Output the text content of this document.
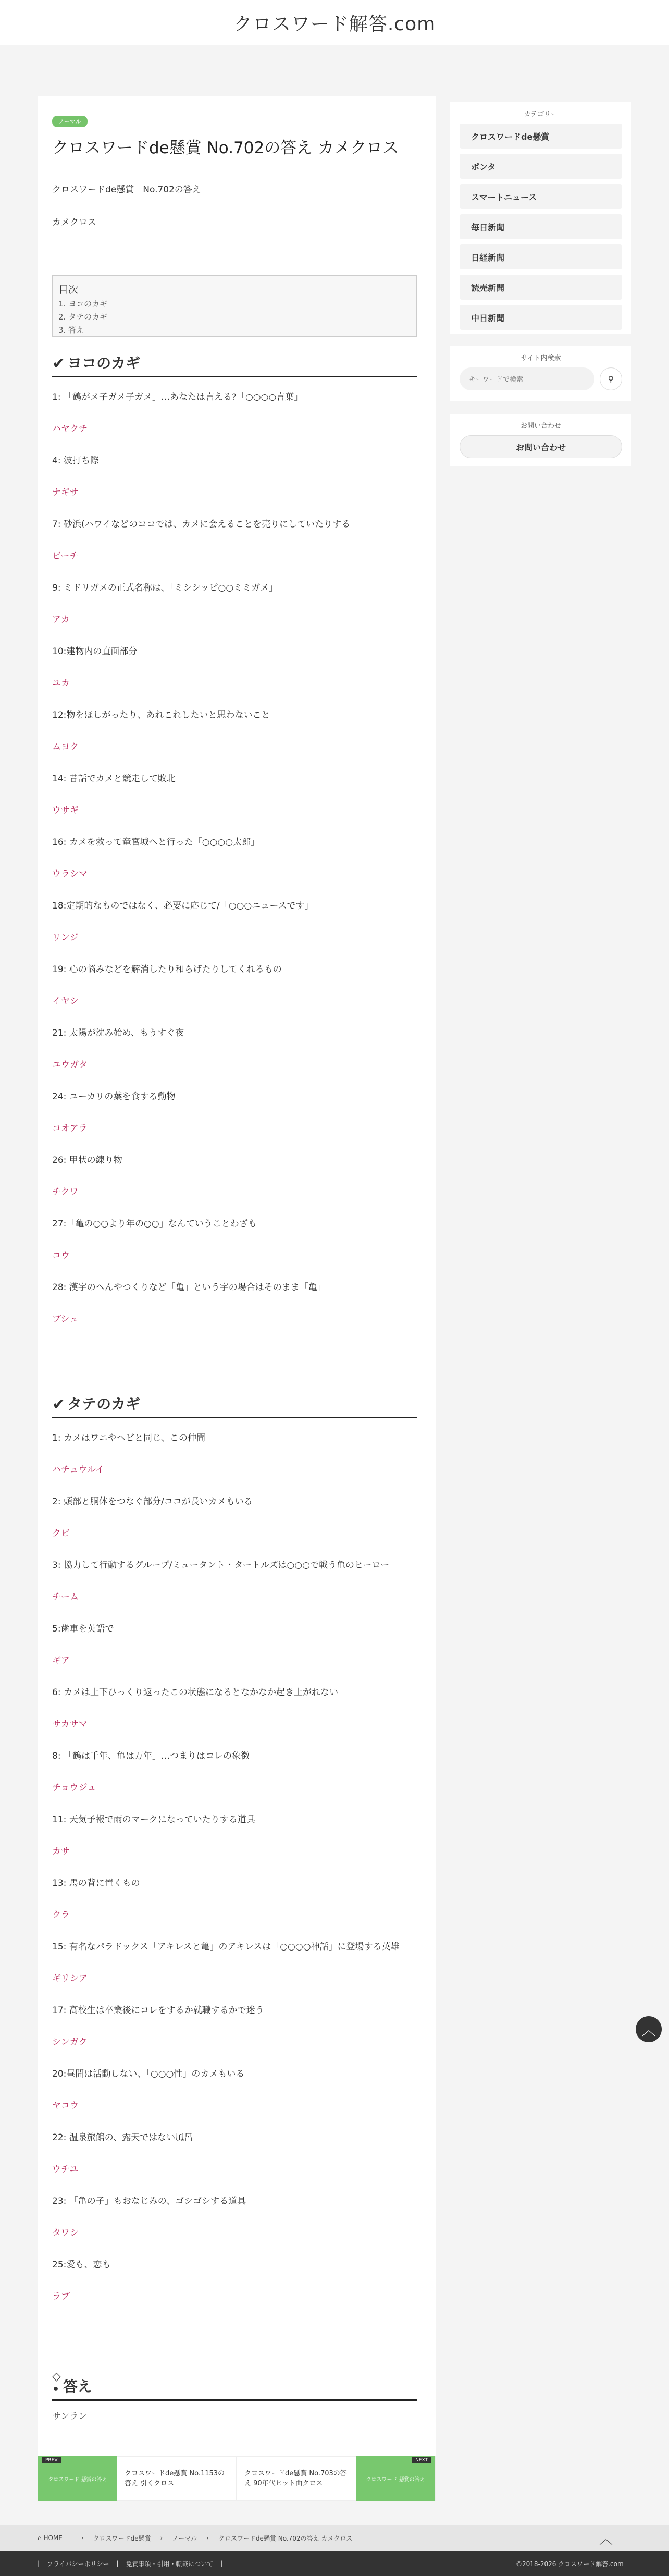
クロスワード解答.com
ノーマル
クロスワードde懸賞 No.702の答え カメクロス

クロスワードde懸賞　No.702の答え

カメクロス

目次
1. ヨコのカギ
2. タテのカギ
3. 答え
✔ ヨコのカギ
1: 「鶴がメ子ガメ子ガメ」…あなたは言える?「○○○○言葉」
ハヤクチ
4: 波打ち際
ナギサ
7: 砂浜(ハワイなどのココでは、カメに会えることを売りにしていたりする
ビーチ
9: ミドリガメの正式名称は、「ミシシッピ○○ミミガメ」
アカ
10:建物内の直面部分
ユカ
12:物をほしがったり、あれこれしたいと思わないこと
ムヨク
14: 昔話でカメと競走して敗北
ウサギ
16: カメを救って竜宮城へと行った「○○○○太郎」
ウラシマ
18:定期的なものではなく、必要に応じて/「○○○ニュースです」
リンジ
19: 心の悩みなどを解消したり和らげたりしてくれるもの
イヤシ
21: 太陽が沈み始め、もうすぐ夜
ユウガタ
24: ユーカリの葉を食する動物
コオアラ
26: 甲状の練り物
チクワ
27:「亀の○○より年の○○」なんていうことわざも
コウ
28: 漢字のへんやつくりなど「亀」という字の場合はそのまま「亀」
ブシュ
✔ タテのカギ
1: カメはワニやヘビと同じ、この仲間
ハチュウルイ
2: 頭部と胴体をつなぐ部分/ココが長いカメもいる
クビ
3: 協力して行動するグループ/ミュータント・タートルズは○○○で戦う亀のヒーロー
チーム
5:歯車を英語で
ギア
6: カメは上下ひっくり返ったこの状態になるとなかなか起き上がれない
サカサマ
8: 「鶴は千年、亀は万年」…つまりはコレの象徴
チョウジュ
11: 天気予報で雨のマークになっていたりする道具
カサ
13: 馬の背に置くもの
クラ
15: 有名なパラドックス「アキレスと亀」のアキレスは「○○○○神話」に登場する英雄
ギリシア
17: 高校生は卒業後にコレをするか就職するかで迷う
シンガク
20:昼間は活動しない、「○○○性」のカメもいる
ヤコウ
22: 温泉旅館の、露天ではない風呂
ウチユ
23: 「亀の子」もおなじみの、ゴシゴシする道具
タワシ
25:愛も、恋も
ラブ
◇
• 答え
サンラン
カテゴリー
クロスワードde懸賞
ポンタ
スマートニュース
毎日新聞
日経新聞
読売新聞
中日新聞
サイト内検索
キーワードで検索
⚲
お問い合わせ
お問い合わせ
︿
PREV
クロスワード 懸賞の答え
クロスワードde懸賞 No.1153の答え 引くクロス
クロスワードde懸賞 No.703の答え 90年代ヒット曲クロス
NEXT
クロスワード 懸賞の答え
⌂ HOME	› クロスワードde懸賞 › ノーマル › クロスワードde懸賞 No.702の答え カメクロス	︿
| プライバシーポリシー | 免責事項・引用・転載について |	©2018-2026 クロスワード解答.com
